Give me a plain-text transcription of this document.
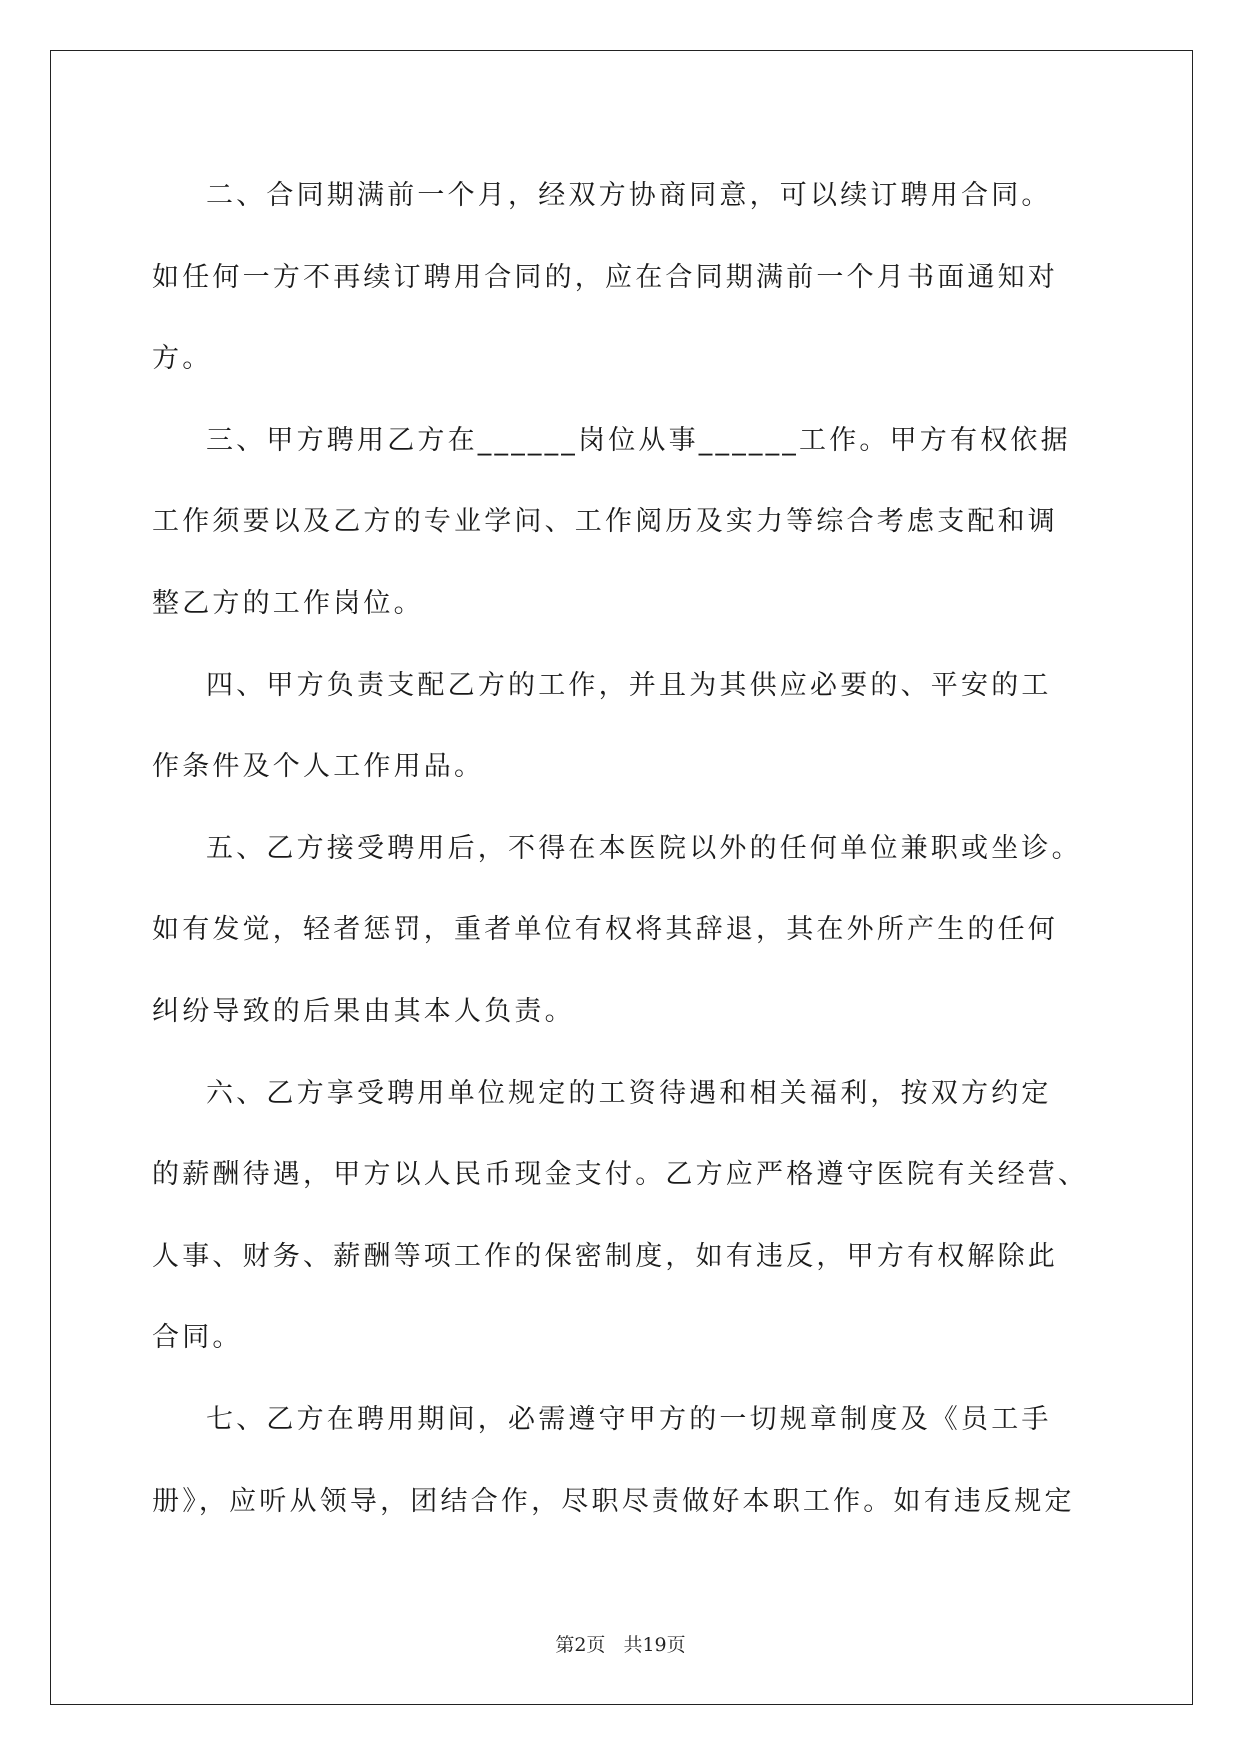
二、合同期满前一个月，经双方协商同意，可以续订聘用合同。
如任何一方不再续订聘用合同的，应在合同期满前一个月书面通知对
方。

三、甲方聘用乙方在______岗位从事______工作。甲方有权依据
工作须要以及乙方的专业学问、工作阅历及实力等综合考虑支配和调
整乙方的工作岗位。

四、甲方负责支配乙方的工作，并且为其供应必要的、平安的工
作条件及个人工作用品。

五、乙方接受聘用后，不得在本医院以外的任何单位兼职或坐诊。
如有发觉，轻者惩罚，重者单位有权将其辞退，其在外所产生的任何
纠纷导致的后果由其本人负责。

六、乙方享受聘用单位规定的工资待遇和相关福利，按双方约定
的薪酬待遇，甲方以人民币现金支付。乙方应严格遵守医院有关经营、
人事、财务、薪酬等项工作的保密制度，如有违反，甲方有权解除此
合同。

七、乙方在聘用期间，必需遵守甲方的一切规章制度及《员工手
册》，应听从领导，团结合作，尽职尽责做好本职工作。如有违反规定

第2页 共19页
